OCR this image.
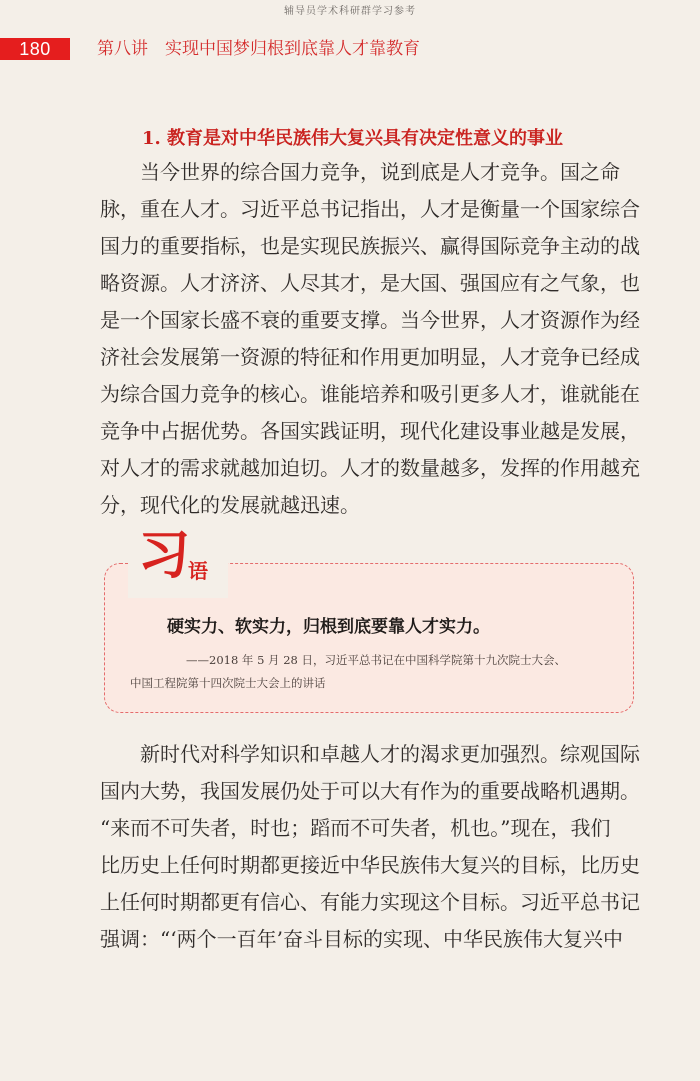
辅导员学术科研群学习参考
180	第八讲　实现中国梦归根到底靠人才靠教育
1. 教育是对中华民族伟大复兴具有决定性意义的事业
当今世界的综合国力竞争，说到底是人才竞争。国之命
脉，重在人才。习近平总书记指出，人才是衡量一个国家综合
国力的重要指标，也是实现民族振兴、赢得国际竞争主动的战
略资源。人才济济、人尽其才，是大国、强国应有之气象，也
是一个国家长盛不衰的重要支撑。当今世界，人才资源作为经
济社会发展第一资源的特征和作用更加明显，人才竞争已经成
为综合国力竞争的核心。谁能培养和吸引更多人才，谁就能在
竞争中占据优势。各国实践证明，现代化建设事业越是发展，
对人才的需求就越加迫切。人才的数量越多，发挥的作用越充
分，现代化的发展就越迅速。
习
语
硬实力、软实力，归根到底要靠人才实力。
——2018 年 5 月 28 日，习近平总书记在中国科学院第十九次院士大会、
中国工程院第十四次院士大会上的讲话
新时代对科学知识和卓越人才的渴求更加强烈。综观国际
国内大势，我国发展仍处于可以大有作为的重要战略机遇期。
“来而不可失者，时也；蹈而不可失者，机也。”现在，我们
比历史上任何时期都更接近中华民族伟大复兴的目标，比历史
上任何时期都更有信心、有能力实现这个目标。习近平总书记
强调：“‘两个一百年’奋斗目标的实现、中华民族伟大复兴中
